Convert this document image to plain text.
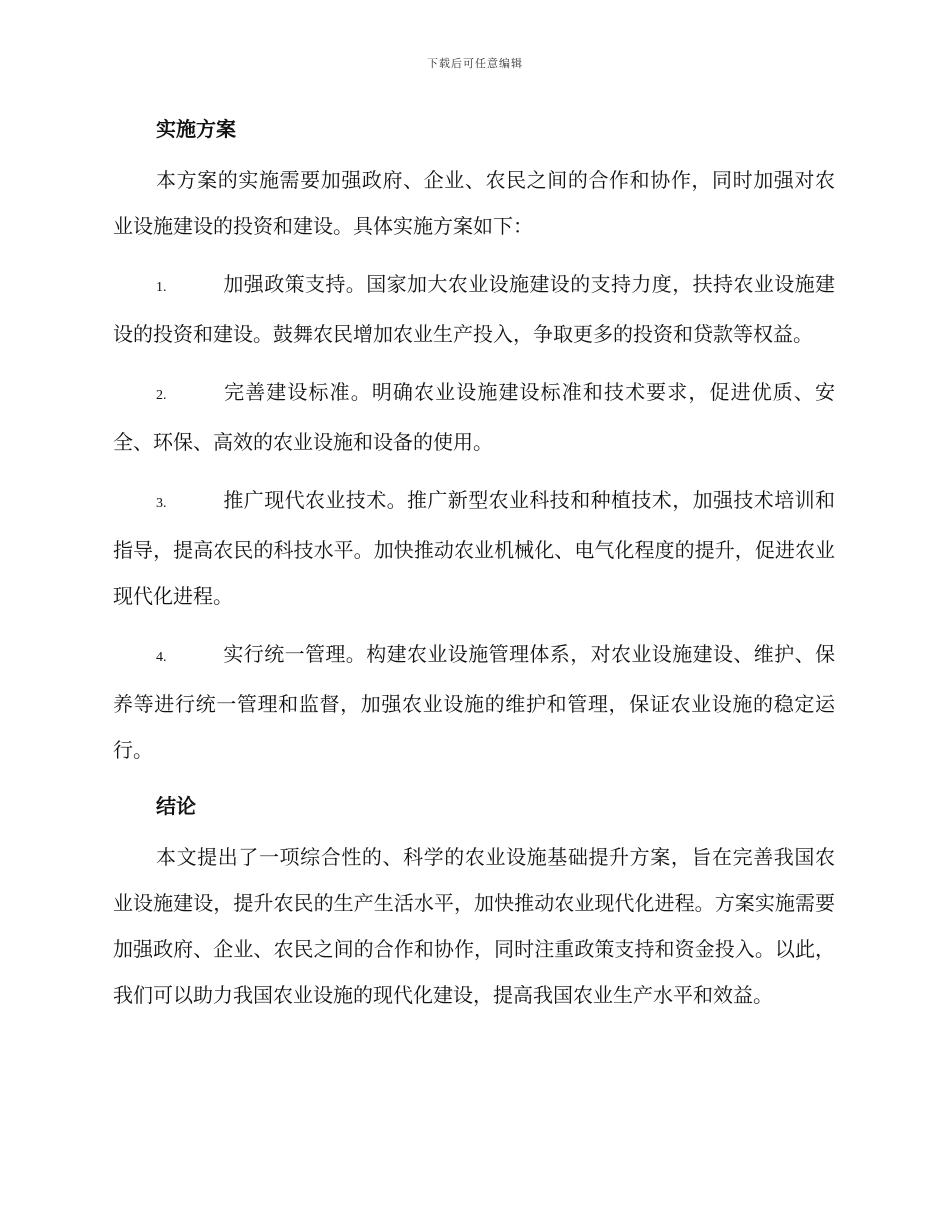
下载后可任意编辑
实施方案

本方案的实施需要加强政府、企业、农民之间的合作和协作，同时加强对农业设施建设的投资和建设。具体实施方案如下：

1.	加强政策支持。国家加大农业设施建设的支持力度，扶持农业设施建设的投资和建设。鼓舞农民增加农业生产投入，争取更多的投资和贷款等权益。

2.	完善建设标准。明确农业设施建设标准和技术要求，促进优质、安全、环保、高效的农业设施和设备的使用。

3.	推广现代农业技术。推广新型农业科技和种植技术，加强技术培训和指导，提高农民的科技水平。加快推动农业机械化、电气化程度的提升，促进农业现代化进程。

4.	实行统一管理。构建农业设施管理体系，对农业设施建设、维护、保养等进行统一管理和监督，加强农业设施的维护和管理，保证农业设施的稳定运行。

结论

本文提出了一项综合性的、科学的农业设施基础提升方案，旨在完善我国农业设施建设，提升农民的生产生活水平，加快推动农业现代化进程。方案实施需要加强政府、企业、农民之间的合作和协作，同时注重政策支持和资金投入。以此，我们可以助力我国农业设施的现代化建设，提高我国农业生产水平和效益。
